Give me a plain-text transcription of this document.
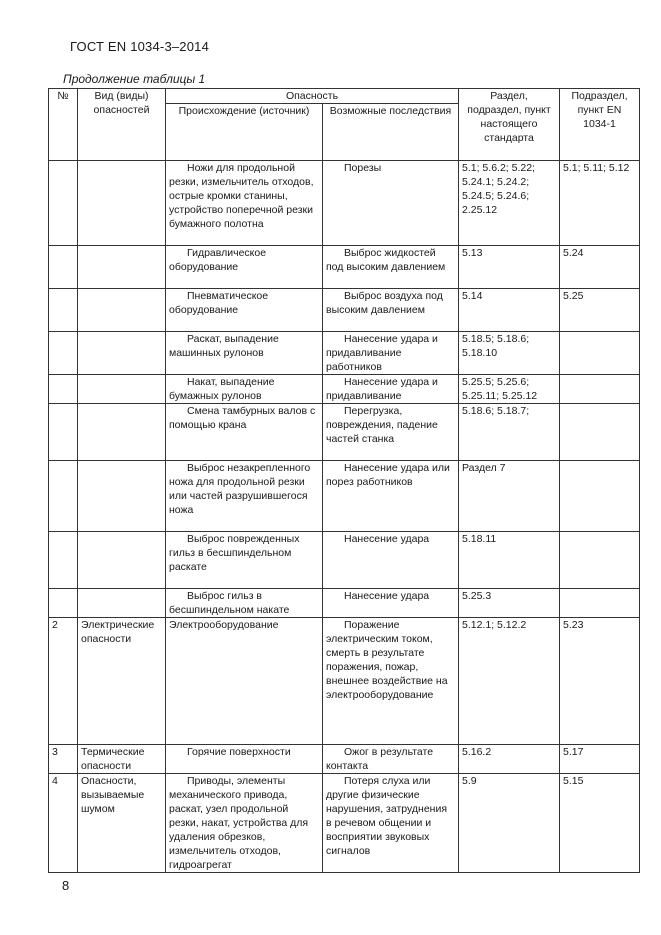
ГОСТ EN 1034-3–2014
Продолжение таблицы 1
№	Вид (виды) опасностей	Опасность		Раздел, подраздел, пункт настоящего стандарта	Подраздел, пункт EN 1034-1
		Происхождение (источник)	Возможные последствия		
		Ножи для продольной резки, измельчитель отходов, острые кромки станины, устройство поперечной резки бумажного полотна	Порезы	5.1; 5.6.2; 5.22; 5.24.1; 5.24.2; 5.24.5; 5.24.6; 2.25.12	5.1; 5.11; 5.12
		Гидравлическое оборудование	Выброс жидкостей под высоким давлением	5.13	5.24
		Пневматическое оборудование	Выброс воздуха под высоким давлением	5.14	5.25
		Раскат, выпадение машинных рулонов	Нанесение удара и придавливание работников	5.18.5; 5.18.6; 5.18.10	
		Накат, выпадение бумажных рулонов	Нанесение удара и придавливание	5.25.5; 5.25.6; 5.25.11; 5.25.12	
		Смена тамбурных валов с помощью крана	Перегрузка, повреждения, падение частей станка	5.18.6; 5.18.7;	
		Выброс незакрепленного ножа для продольной резки или частей разрушившегося ножа	Нанесение удара или порез работников	Раздел 7	
		Выброс поврежденных гильз в бесшпиндельном раскате	Нанесение удара	5.18.11	
		Выброс гильз в бесшпиндельном накате	Нанесение удара	5.25.3	
2	Электрические опасности	Электрооборудование	Поражение электрическим током, смерть в результате поражения, пожар, внешнее воздействие на электрооборудование	5.12.1; 5.12.2	5.23
3	Термические опасности	Горячие поверхности	Ожог в результате контакта	5.16.2	5.17
4	Опасности, вызываемые шумом	Приводы, элементы механического привода, раскат, узел продольной резки, накат, устройства для удаления обрезков, измельчитель отходов, гидроагрегат	Потеря слуха или другие физические нарушения, затруднения в речевом общении и восприятии звуковых сигналов	5.9	5.15
8
